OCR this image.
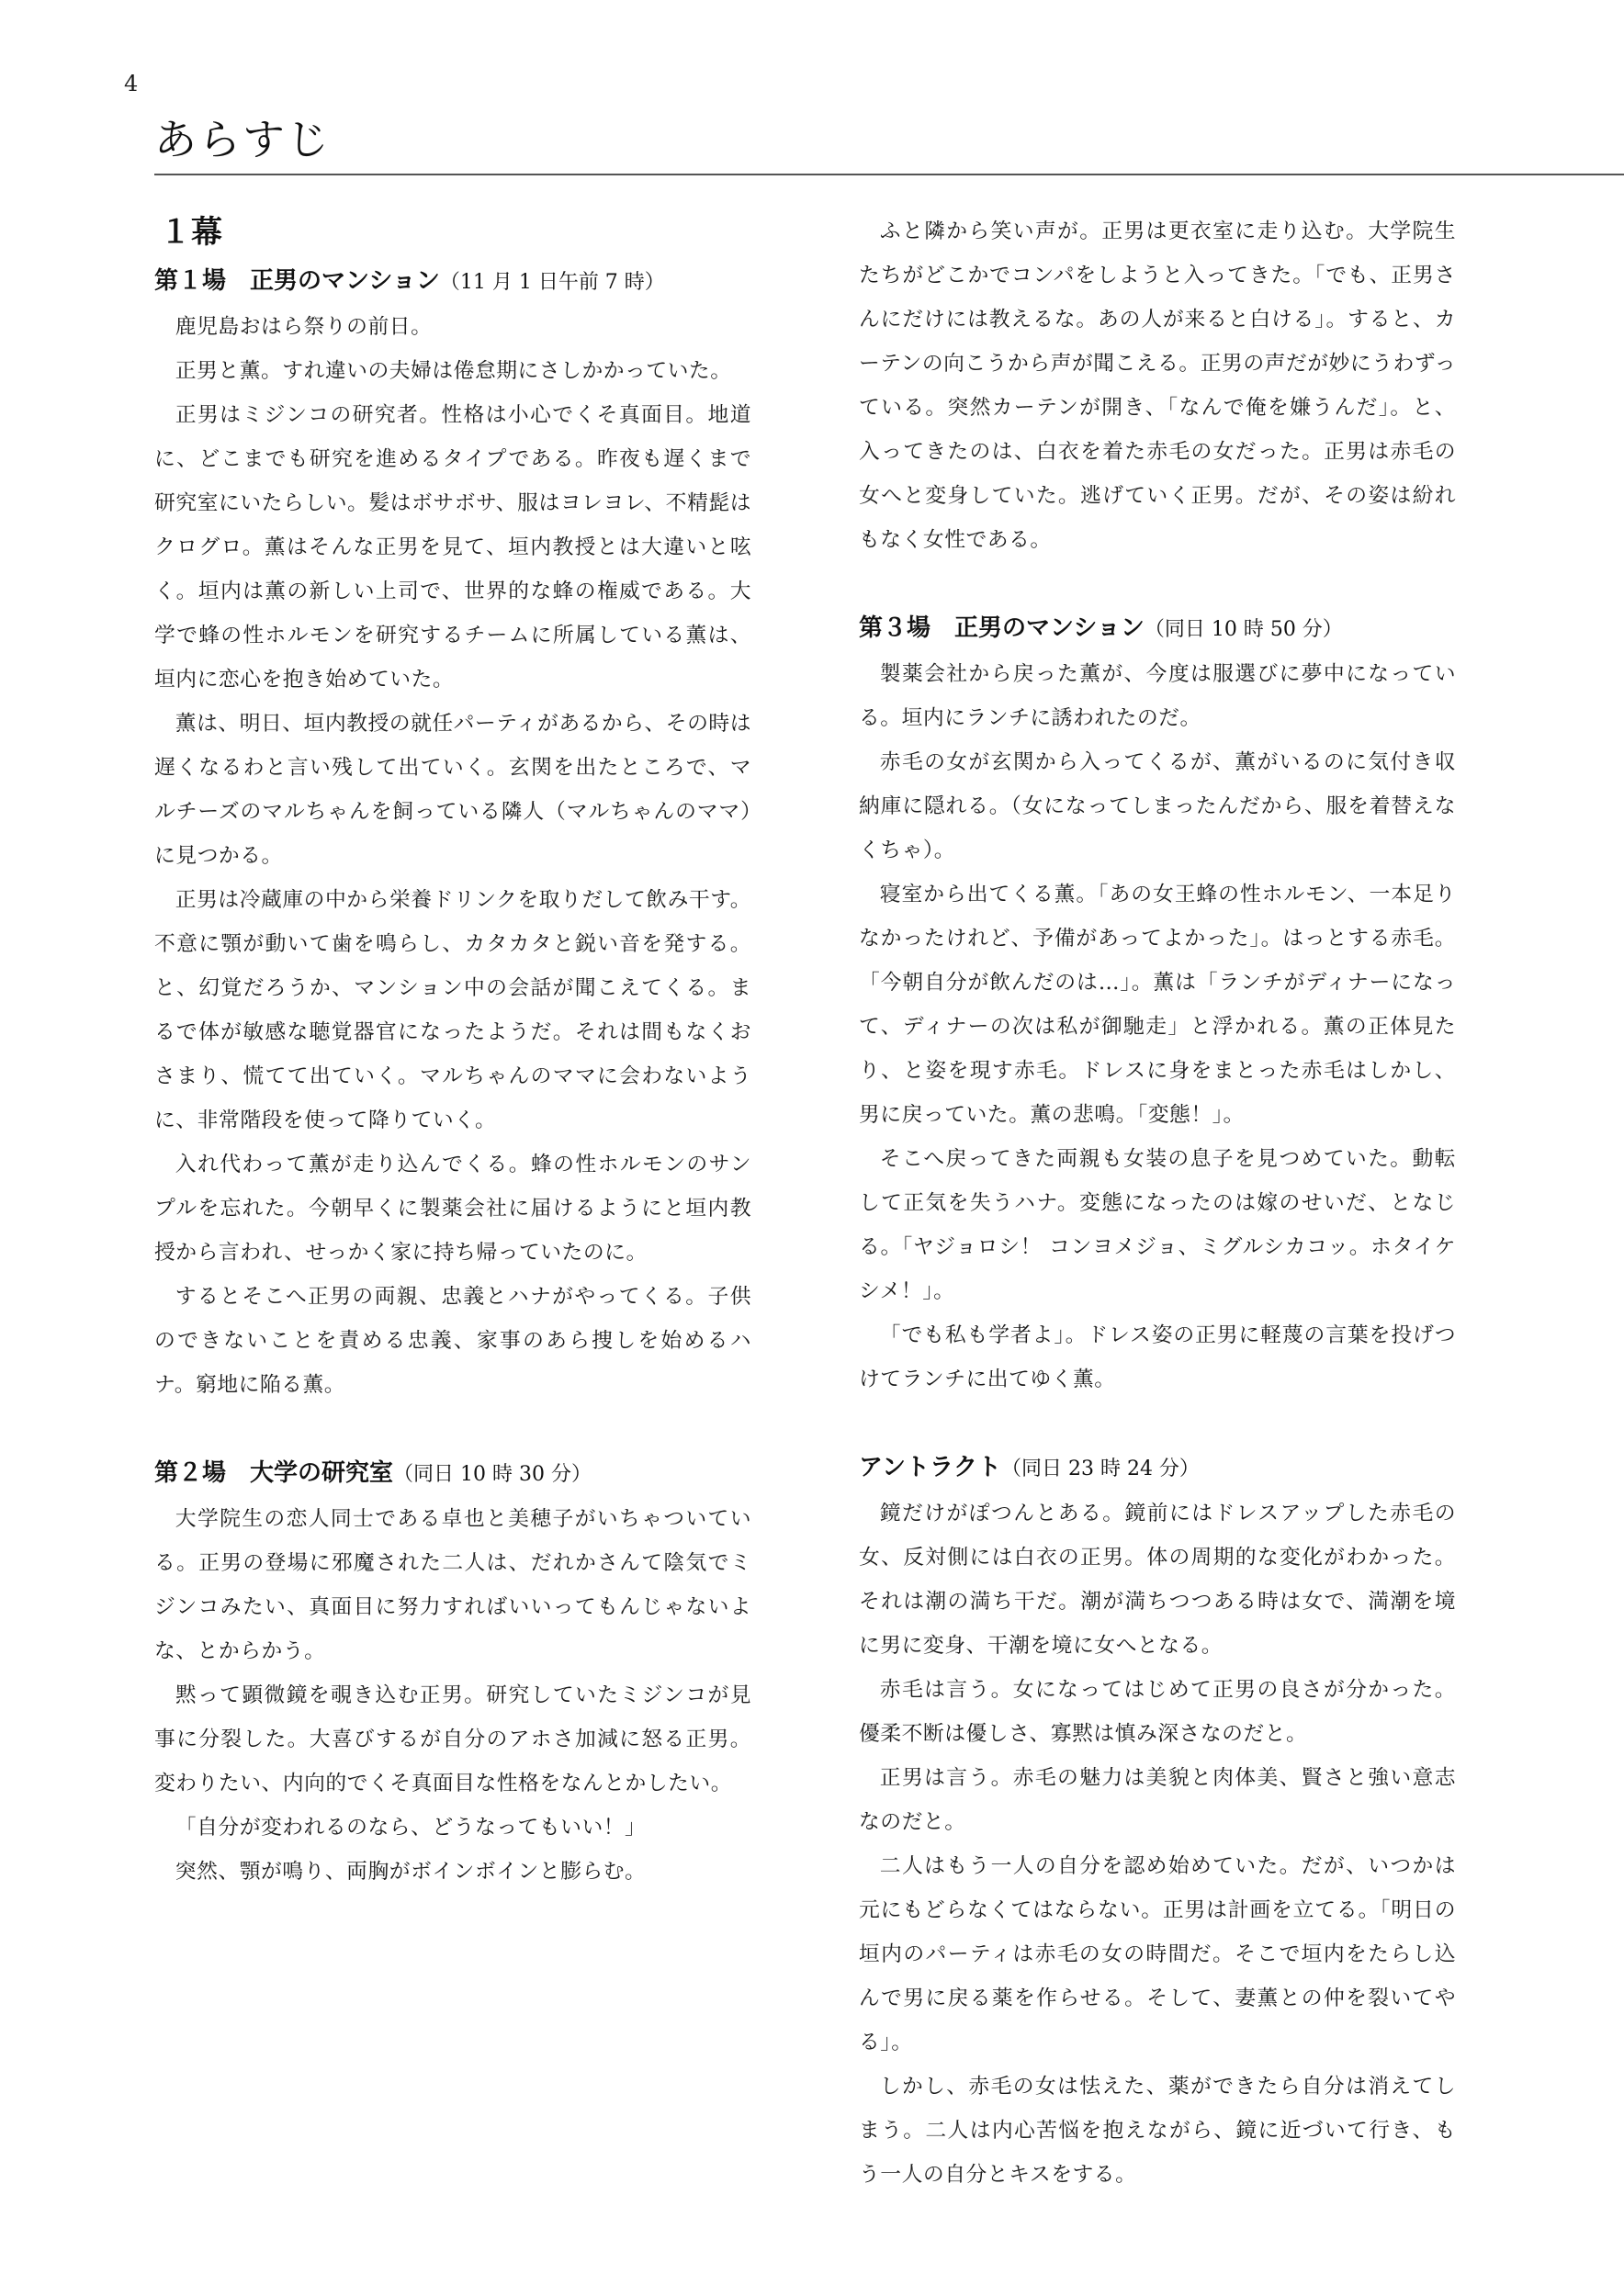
4
あらすじ
１幕
第１場　正男のマンション（11 月 1 日午前 7 時）

鹿児島おはら祭りの前日。

正男と薫。すれ違いの夫婦は倦怠期にさしかかっていた。

正男はミジンコの研究者。性格は小心でくそ真面目。地道に、どこまでも研究を進めるタイプである。昨夜も遅くまで研究室にいたらしい。髪はボサボサ、服はヨレヨレ、不精髭はクログロ。薫はそんな正男を見て、垣内教授とは大違いと呟く。垣内は薫の新しい上司で、世界的な蜂の権威である。大学で蜂の性ホルモンを研究するチームに所属している薫は、垣内に恋心を抱き始めていた。

薫は、明日、垣内教授の就任パーティがあるから、その時は遅くなるわと言い残して出ていく。玄関を出たところで、マルチーズのマルちゃんを飼っている隣人（マルちゃんのママ）に見つかる。

正男は冷蔵庫の中から栄養ドリンクを取りだして飲み干す。不意に顎が動いて歯を鳴らし、カタカタと鋭い音を発する。と、幻覚だろうか、マンション中の会話が聞こえてくる。まるで体が敏感な聴覚器官になったようだ。それは間もなくおさまり、慌てて出ていく。マルちゃんのママに会わないように、非常階段を使って降りていく。

入れ代わって薫が走り込んでくる。蜂の性ホルモンのサンプルを忘れた。今朝早くに製薬会社に届けるようにと垣内教授から言われ、せっかく家に持ち帰っていたのに。

するとそこへ正男の両親、忠義とハナがやってくる。子供のできないことを責める忠義、家事のあら捜しを始めるハナ。窮地に陥る薫。

第２場　大学の研究室（同日 10 時 30 分）

大学院生の恋人同士である卓也と美穂子がいちゃついている。正男の登場に邪魔された二人は、だれかさんて陰気でミジンコみたい、真面目に努力すればいいってもんじゃないよな、とからかう。

黙って顕微鏡を覗き込む正男。研究していたミジンコが見事に分裂した。大喜びするが自分のアホさ加減に怒る正男。変わりたい、内向的でくそ真面目な性格をなんとかしたい。

「自分が変われるのなら、どうなってもいい！」

突然、顎が鳴り、両胸がボインボインと膨らむ。

ふと隣から笑い声が。正男は更衣室に走り込む。大学院生たちがどこかでコンパをしようと入ってきた。「でも、正男さんにだけには教えるな。あの人が来ると白ける」。すると、カーテンの向こうから声が聞こえる。正男の声だが妙にうわずっている。突然カーテンが開き、「なんで俺を嫌うんだ」。と、入ってきたのは、白衣を着た赤毛の女だった。正男は赤毛の女へと変身していた。逃げていく正男。だが、その姿は紛れもなく女性である。

第３場　正男のマンション（同日 10 時 50 分）

製薬会社から戻った薫が、今度は服選びに夢中になっている。垣内にランチに誘われたのだ。

赤毛の女が玄関から入ってくるが、薫がいるのに気付き収納庫に隠れる。（女になってしまったんだから、服を着替えなくちゃ）。

寝室から出てくる薫。「あの女王蜂の性ホルモン、一本足りなかったけれど、予備があってよかった」。はっとする赤毛。「今朝自分が飲んだのは…」。薫は「ランチがディナーになって、ディナーの次は私が御馳走」と浮かれる。薫の正体見たり、と姿を現す赤毛。ドレスに身をまとった赤毛はしかし、男に戻っていた。薫の悲鳴。「変態！」。

そこへ戻ってきた両親も女装の息子を見つめていた。動転して正気を失うハナ。変態になったのは嫁のせいだ、となじる。「ヤジョロシ！ コンヨメジョ、ミグルシカコッ。ホタイケシメ！」。

「でも私も学者よ」。ドレス姿の正男に軽蔑の言葉を投げつけてランチに出てゆく薫。

アントラクト（同日 23 時 24 分）

鏡だけがぽつんとある。鏡前にはドレスアップした赤毛の女、反対側には白衣の正男。体の周期的な変化がわかった。それは潮の満ち干だ。潮が満ちつつある時は女で、満潮を境に男に変身、干潮を境に女へとなる。

赤毛は言う。女になってはじめて正男の良さが分かった。優柔不断は優しさ、寡黙は慎み深さなのだと。

正男は言う。赤毛の魅力は美貌と肉体美、賢さと強い意志なのだと。

二人はもう一人の自分を認め始めていた。だが、いつかは元にもどらなくてはならない。正男は計画を立てる。「明日の垣内のパーティは赤毛の女の時間だ。そこで垣内をたらし込んで男に戻る薬を作らせる。そして、妻薫との仲を裂いてやる」。

しかし、赤毛の女は怯えた、薬ができたら自分は消えてしまう。二人は内心苦悩を抱えながら、鏡に近づいて行き、もう一人の自分とキスをする。
